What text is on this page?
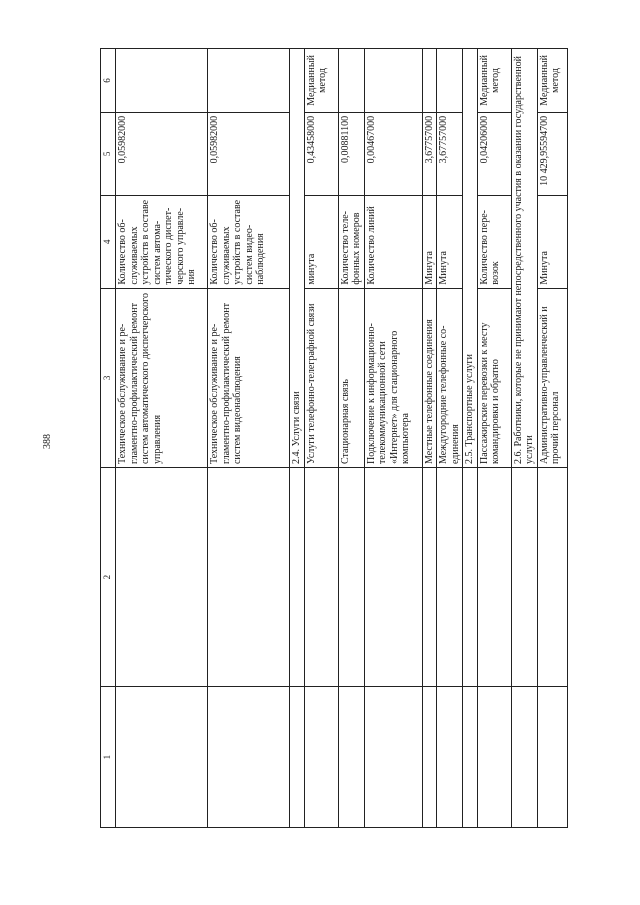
388
1	2	3	4	5	6
		Техническое обслуживание и регламентно-профилактический ремонт систем автоматического диспетчерского управления	Количество обслуживаемых устройств в составе систем автоматического диспетчерского управления	0,05982000	
		Техническое обслуживание и регламентно-профилактический ремонт систем видеонаблюдения	Количество обслуживаемых устройств в составе систем видеонаблюдения	0,05982000	
		2.4. Услуги связи			
		Услуги телефонно-телеграфной связи	минута	0,43458000	Медианный метод
		Стационарная связь	Количество телефонных номеров	0,00881100	
		Подключение к информационно-телекоммуникационной сети «Интернет» для стационарного компьютера	Количество линий	0,00467000	
		Местные телефонные соединения	Минута	3,67757000	
		Междугородние телефонные соединения	Минута	3,67757000	
		2.5. Транспортные услуги			
		Пассажирские перевозки к месту командировки и обратно	Количество перевозок	0,04206000	Медианный метод
		2.6. Работники, которые не принимают непосредственного участия в оказании государственной услуги			
		Административно-управленческий и прочий персонал	Минута	10 429,95594700	Медианный метод
